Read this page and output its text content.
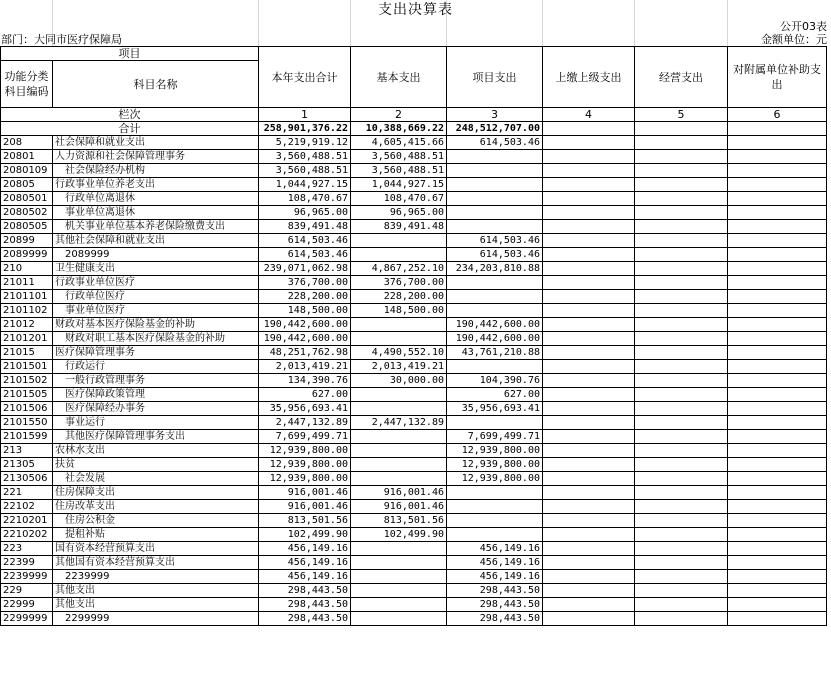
支出决算表
公开03表
部门：大同市医疗保障局	金额单位：元
项目		本年支出合计	基本支出	项目支出	上缴上级支出	经营支出	对附属单位补助支出
功能分类
科目编码	科目名称						

栏次		1	2	3	4	5	6
合计		258,901,376.22	10,388,669.22	248,512,707.00			
208	社会保障和就业支出	5,219,919.12	4,605,415.66	614,503.46			
20801	人力资源和社会保障管理事务	3,560,488.51	3,560,488.51				
2080109	　社会保险经办机构	3,560,488.51	3,560,488.51				
20805	行政事业单位养老支出	1,044,927.15	1,044,927.15				
2080501	　行政单位离退休	108,470.67	108,470.67				
2080502	　事业单位离退休	96,965.00	96,965.00				
2080505	　机关事业单位基本养老保险缴费支出	839,491.48	839,491.48				
20899	其他社会保障和就业支出	614,503.46		614,503.46			
2089999	　2089999	614,503.46		614,503.46			
210	卫生健康支出	239,071,062.98	4,867,252.10	234,203,810.88			
21011	行政事业单位医疗	376,700.00	376,700.00				
2101101	　行政单位医疗	228,200.00	228,200.00				
2101102	　事业单位医疗	148,500.00	148,500.00				
21012	财政对基本医疗保险基金的补助	190,442,600.00		190,442,600.00			
2101201	　财政对职工基本医疗保险基金的补助	190,442,600.00		190,442,600.00			
21015	医疗保障管理事务	48,251,762.98	4,490,552.10	43,761,210.88			
2101501	　行政运行	2,013,419.21	2,013,419.21				
2101502	　一般行政管理事务	134,390.76	30,000.00	104,390.76			
2101505	　医疗保障政策管理	627.00		627.00			
2101506	　医疗保障经办事务	35,956,693.41		35,956,693.41			
2101550	　事业运行	2,447,132.89	2,447,132.89				
2101599	　其他医疗保障管理事务支出	7,699,499.71		7,699,499.71			
213	农林水支出	12,939,800.00		12,939,800.00			
21305	扶贫	12,939,800.00		12,939,800.00			
2130506	　社会发展	12,939,800.00		12,939,800.00			
221	住房保障支出	916,001.46	916,001.46				
22102	住房改革支出	916,001.46	916,001.46				
2210201	　住房公积金	813,501.56	813,501.56				
2210202	　提租补贴	102,499.90	102,499.90				
223	国有资本经营预算支出	456,149.16		456,149.16			
22399	其他国有资本经营预算支出	456,149.16		456,149.16			
2239999	　2239999	456,149.16		456,149.16			
229	其他支出	298,443.50		298,443.50			
22999	其他支出	298,443.50		298,443.50			
2299999	　2299999	298,443.50		298,443.50			
